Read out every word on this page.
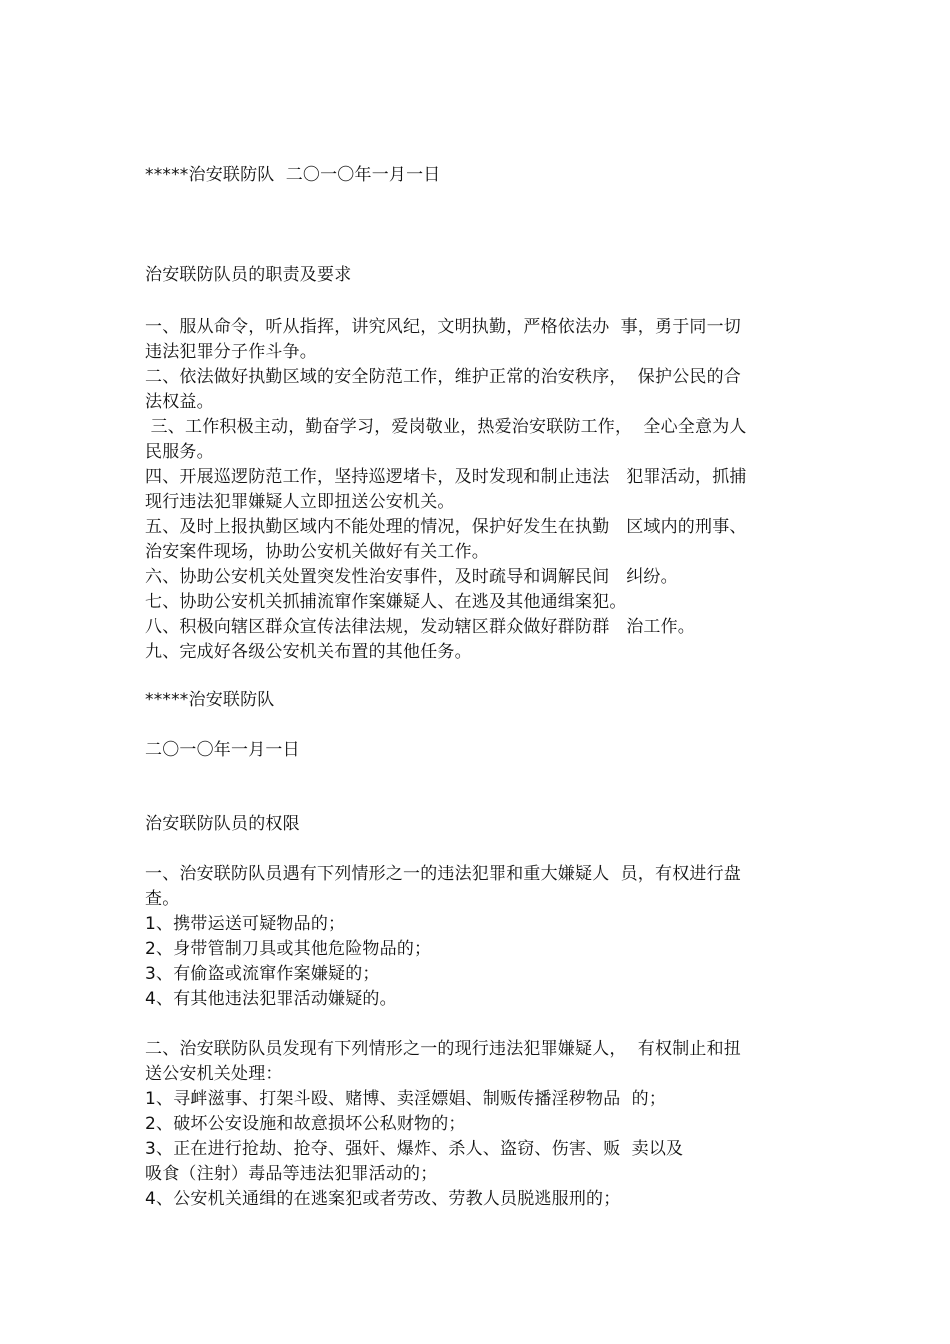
*****治安联防队  二〇一〇年一月一日
治安联防队员的职责及要求
一、服从命令，听从指挥，讲究风纪，文明执勤，严格依法办  事，勇于同一切
违法犯罪分子作斗争。
二、依法做好执勤区域的安全防范工作，维护正常的治安秩序，  保护公民的合
法权益。
三、工作积极主动，勤奋学习，爱岗敬业，热爱治安联防工作，  全心全意为人
民服务。
四、开展巡逻防范工作，坚持巡逻堵卡，及时发现和制止违法   犯罪活动，抓捕
现行违法犯罪嫌疑人立即扭送公安机关。
五、及时上报执勤区域内不能处理的情况，保护好发生在执勤   区域内的刑事、
治安案件现场，协助公安机关做好有关工作。
六、协助公安机关处置突发性治安事件，及时疏导和调解民间   纠纷。
七、协助公安机关抓捕流窜作案嫌疑人、在逃及其他通缉案犯。
八、积极向辖区群众宣传法律法规，发动辖区群众做好群防群   治工作。
九、完成好各级公安机关布置的其他任务。
*****治安联防队
二〇一〇年一月一日
治安联防队员的权限
一、治安联防队员遇有下列情形之一的违法犯罪和重大嫌疑人  员，有权进行盘
查。
1、携带运送可疑物品的；
2、身带管制刀具或其他危险物品的；
3、有偷盗或流窜作案嫌疑的；
4、有其他违法犯罪活动嫌疑的。
二、治安联防队员发现有下列情形之一的现行违法犯罪嫌疑人，  有权制止和扭
送公安机关处理：
1、寻衅滋事、打架斗殴、赌博、卖淫嫖娼、制贩传播淫秽物品  的；
2、破坏公安设施和故意损坏公私财物的；
3、正在进行抢劫、抢夺、强奸、爆炸、杀人、盗窃、伤害、贩  卖以及
吸食（注射）毒品等违法犯罪活动的；
4、公安机关通缉的在逃案犯或者劳改、劳教人员脱逃服刑的；
